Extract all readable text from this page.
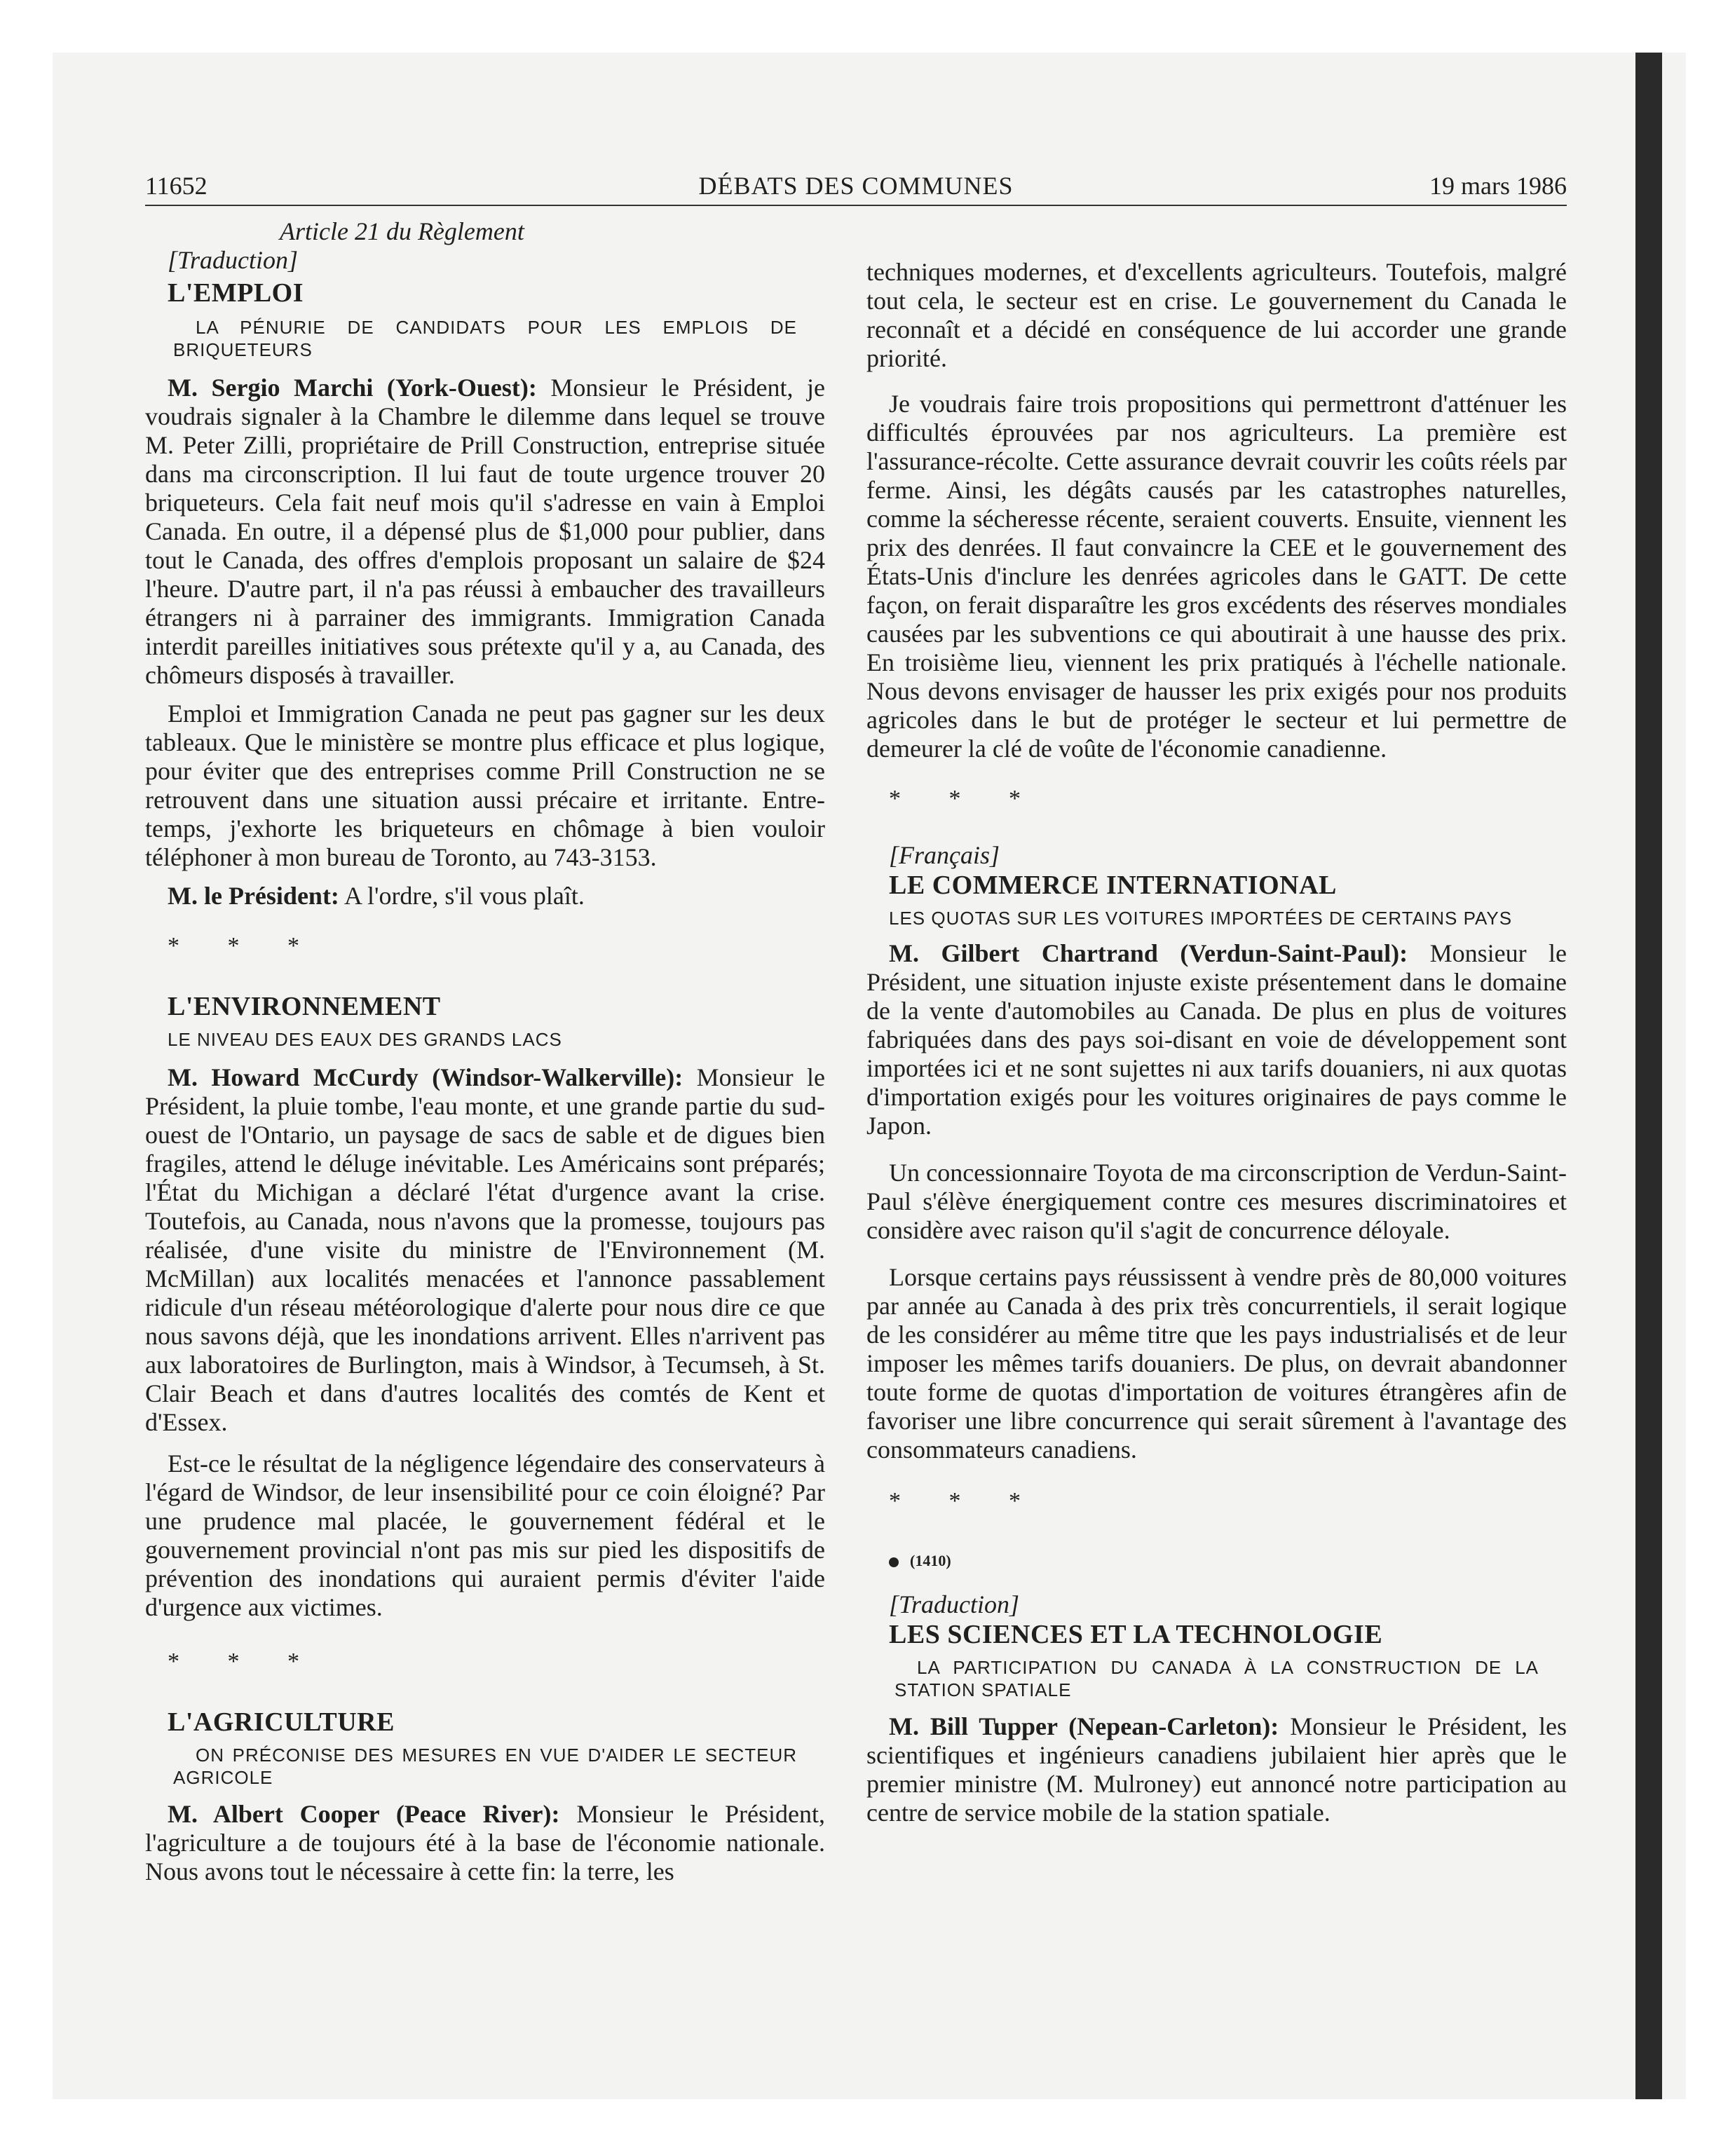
11652	DÉBATS DES COMMUNES	19 mars 1986

Article 21 du Règlement

[Traduction]

L'EMPLOI

LA PÉNURIE DE CANDIDATS POUR LES EMPLOIS DE BRIQUETEURS

M. Sergio Marchi (York-Ouest): Monsieur le Président, je voudrais signaler à la Chambre le dilemme dans lequel se trouve M. Peter Zilli, propriétaire de Prill Construction, entreprise située dans ma circonscription. Il lui faut de toute urgence trouver 20 briqueteurs. Cela fait neuf mois qu'il s'adresse en vain à Emploi Canada. En outre, il a dépensé plus de $1,000 pour publier, dans tout le Canada, des offres d'emplois proposant un salaire de $24 l'heure. D'autre part, il n'a pas réussi à embaucher des travailleurs étrangers ni à parrainer des immigrants. Immigration Canada interdit pareilles initiatives sous prétexte qu'il y a, au Canada, des chômeurs disposés à travailler.

Emploi et Immigration Canada ne peut pas gagner sur les deux tableaux. Que le ministère se montre plus efficace et plus logique, pour éviter que des entreprises comme Prill Construction ne se retrouvent dans une situation aussi précaire et irritante. Entre-temps, j'exhorte les briqueteurs en chômage à bien vouloir téléphoner à mon bureau de Toronto, au 743-3153.

M. le Président: A l'ordre, s'il vous plaît.

* * *

L'ENVIRONNEMENT

LE NIVEAU DES EAUX DES GRANDS LACS

M. Howard McCurdy (Windsor-Walkerville): Monsieur le Président, la pluie tombe, l'eau monte, et une grande partie du sud-ouest de l'Ontario, un paysage de sacs de sable et de digues bien fragiles, attend le déluge inévitable. Les Américains sont préparés; l'État du Michigan a déclaré l'état d'urgence avant la crise. Toutefois, au Canada, nous n'avons que la promesse, toujours pas réalisée, d'une visite du ministre de l'Environnement (M. McMillan) aux localités menacées et l'annonce passablement ridicule d'un réseau météorologique d'alerte pour nous dire ce que nous savons déjà, que les inondations arrivent. Elles n'arrivent pas aux laboratoires de Burlington, mais à Windsor, à Tecumseh, à St. Clair Beach et dans d'autres localités des comtés de Kent et d'Essex.

Est-ce le résultat de la négligence légendaire des conservateurs à l'égard de Windsor, de leur insensibilité pour ce coin éloigné? Par une prudence mal placée, le gouvernement fédéral et le gouvernement provincial n'ont pas mis sur pied les dispositifs de prévention des inondations qui auraient permis d'éviter l'aide d'urgence aux victimes.

* * *

L'AGRICULTURE

ON PRÉCONISE DES MESURES EN VUE D'AIDER LE SECTEUR AGRICOLE

M. Albert Cooper (Peace River): Monsieur le Président, l'agriculture a de toujours été à la base de l'économie nationale. Nous avons tout le nécessaire à cette fin: la terre, les

techniques modernes, et d'excellents agriculteurs. Toutefois, malgré tout cela, le secteur est en crise. Le gouvernement du Canada le reconnaît et a décidé en conséquence de lui accorder une grande priorité.

Je voudrais faire trois propositions qui permettront d'atténuer les difficultés éprouvées par nos agriculteurs. La première est l'assurance-récolte. Cette assurance devrait couvrir les coûts réels par ferme. Ainsi, les dégâts causés par les catastrophes naturelles, comme la sécheresse récente, seraient couverts. Ensuite, viennent les prix des denrées. Il faut convaincre la CEE et le gouvernement des États-Unis d'inclure les denrées agricoles dans le GATT. De cette façon, on ferait disparaître les gros excédents des réserves mondiales causées par les subventions ce qui aboutirait à une hausse des prix. En troisième lieu, viennent les prix pratiqués à l'échelle nationale. Nous devons envisager de hausser les prix exigés pour nos produits agricoles dans le but de protéger le secteur et lui permettre de demeurer la clé de voûte de l'économie canadienne.

* * *

[Français]

LE COMMERCE INTERNATIONAL

LES QUOTAS SUR LES VOITURES IMPORTÉES DE CERTAINS PAYS

M. Gilbert Chartrand (Verdun-Saint-Paul): Monsieur le Président, une situation injuste existe présentement dans le domaine de la vente d'automobiles au Canada. De plus en plus de voitures fabriquées dans des pays soi-disant en voie de développement sont importées ici et ne sont sujettes ni aux tarifs douaniers, ni aux quotas d'importation exigés pour les voitures originaires de pays comme le Japon.

Un concessionnaire Toyota de ma circonscription de Verdun-Saint-Paul s'élève énergiquement contre ces mesures discriminatoires et considère avec raison qu'il s'agit de concurrence déloyale.

Lorsque certains pays réussissent à vendre près de 80,000 voitures par année au Canada à des prix très concurrentiels, il serait logique de les considérer au même titre que les pays industrialisés et de leur imposer les mêmes tarifs douaniers. De plus, on devrait abandonner toute forme de quotas d'importation de voitures étrangères afin de favoriser une libre concurrence qui serait sûrement à l'avantage des consommateurs canadiens.

* * *

(1410)

[Traduction]

LES SCIENCES ET LA TECHNOLOGIE

LA PARTICIPATION DU CANADA À LA CONSTRUCTION DE LA STATION SPATIALE

M. Bill Tupper (Nepean-Carleton): Monsieur le Président, les scientifiques et ingénieurs canadiens jubilaient hier après que le premier ministre (M. Mulroney) eut annoncé notre participation au centre de service mobile de la station spatiale.
